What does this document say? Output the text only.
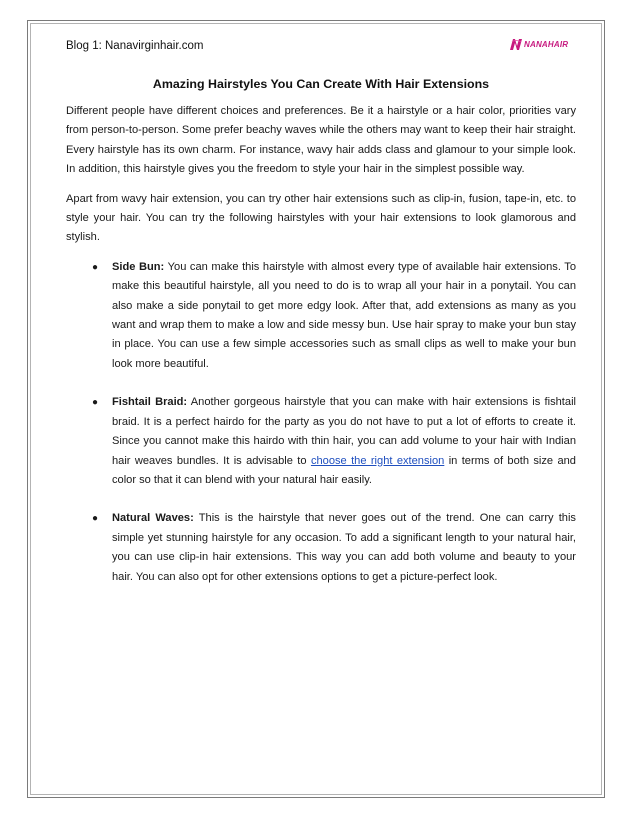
Blog 1: Nanavirginhair.com	NANAHAIR
Amazing Hairstyles You Can Create With Hair Extensions

Different people have different choices and preferences. Be it a hairstyle or a hair color, priorities vary from person-to-person. Some prefer beachy waves while the others may want to keep their hair straight. Every hairstyle has its own charm. For instance, wavy hair adds class and glamour to your simple look. In addition, this hairstyle gives you the freedom to style your hair in the simplest possible way.

Apart from wavy hair extension, you can try other hair extensions such as clip-in, fusion, tape-in, etc. to style your hair. You can try the following hairstyles with your hair extensions to look glamorous and stylish.

● Side Bun: You can make this hairstyle with almost every type of available hair extensions. To make this beautiful hairstyle, all you need to do is to wrap all your hair in a ponytail. You can also make a side ponytail to get more edgy look. After that, add extensions as many as you want and wrap them to make a low and side messy bun. Use hair spray to make your bun stay in place. You can use a few simple accessories such as small clips as well to make your bun look more beautiful.
● Fishtail Braid: Another gorgeous hairstyle that you can make with hair extensions is fishtail braid. It is a perfect hairdo for the party as you do not have to put a lot of efforts to create it. Since you cannot make this hairdo with thin hair, you can add volume to your hair with Indian hair weaves bundles. It is advisable to choose the right extension in terms of both size and color so that it can blend with your natural hair easily.
● Natural Waves: This is the hairstyle that never goes out of the trend. One can carry this simple yet stunning hairstyle for any occasion. To add a significant length to your natural hair, you can use clip-in hair extensions. This way you can add both volume and beauty to your hair. You can also opt for other extensions options to get a picture-perfect look.
